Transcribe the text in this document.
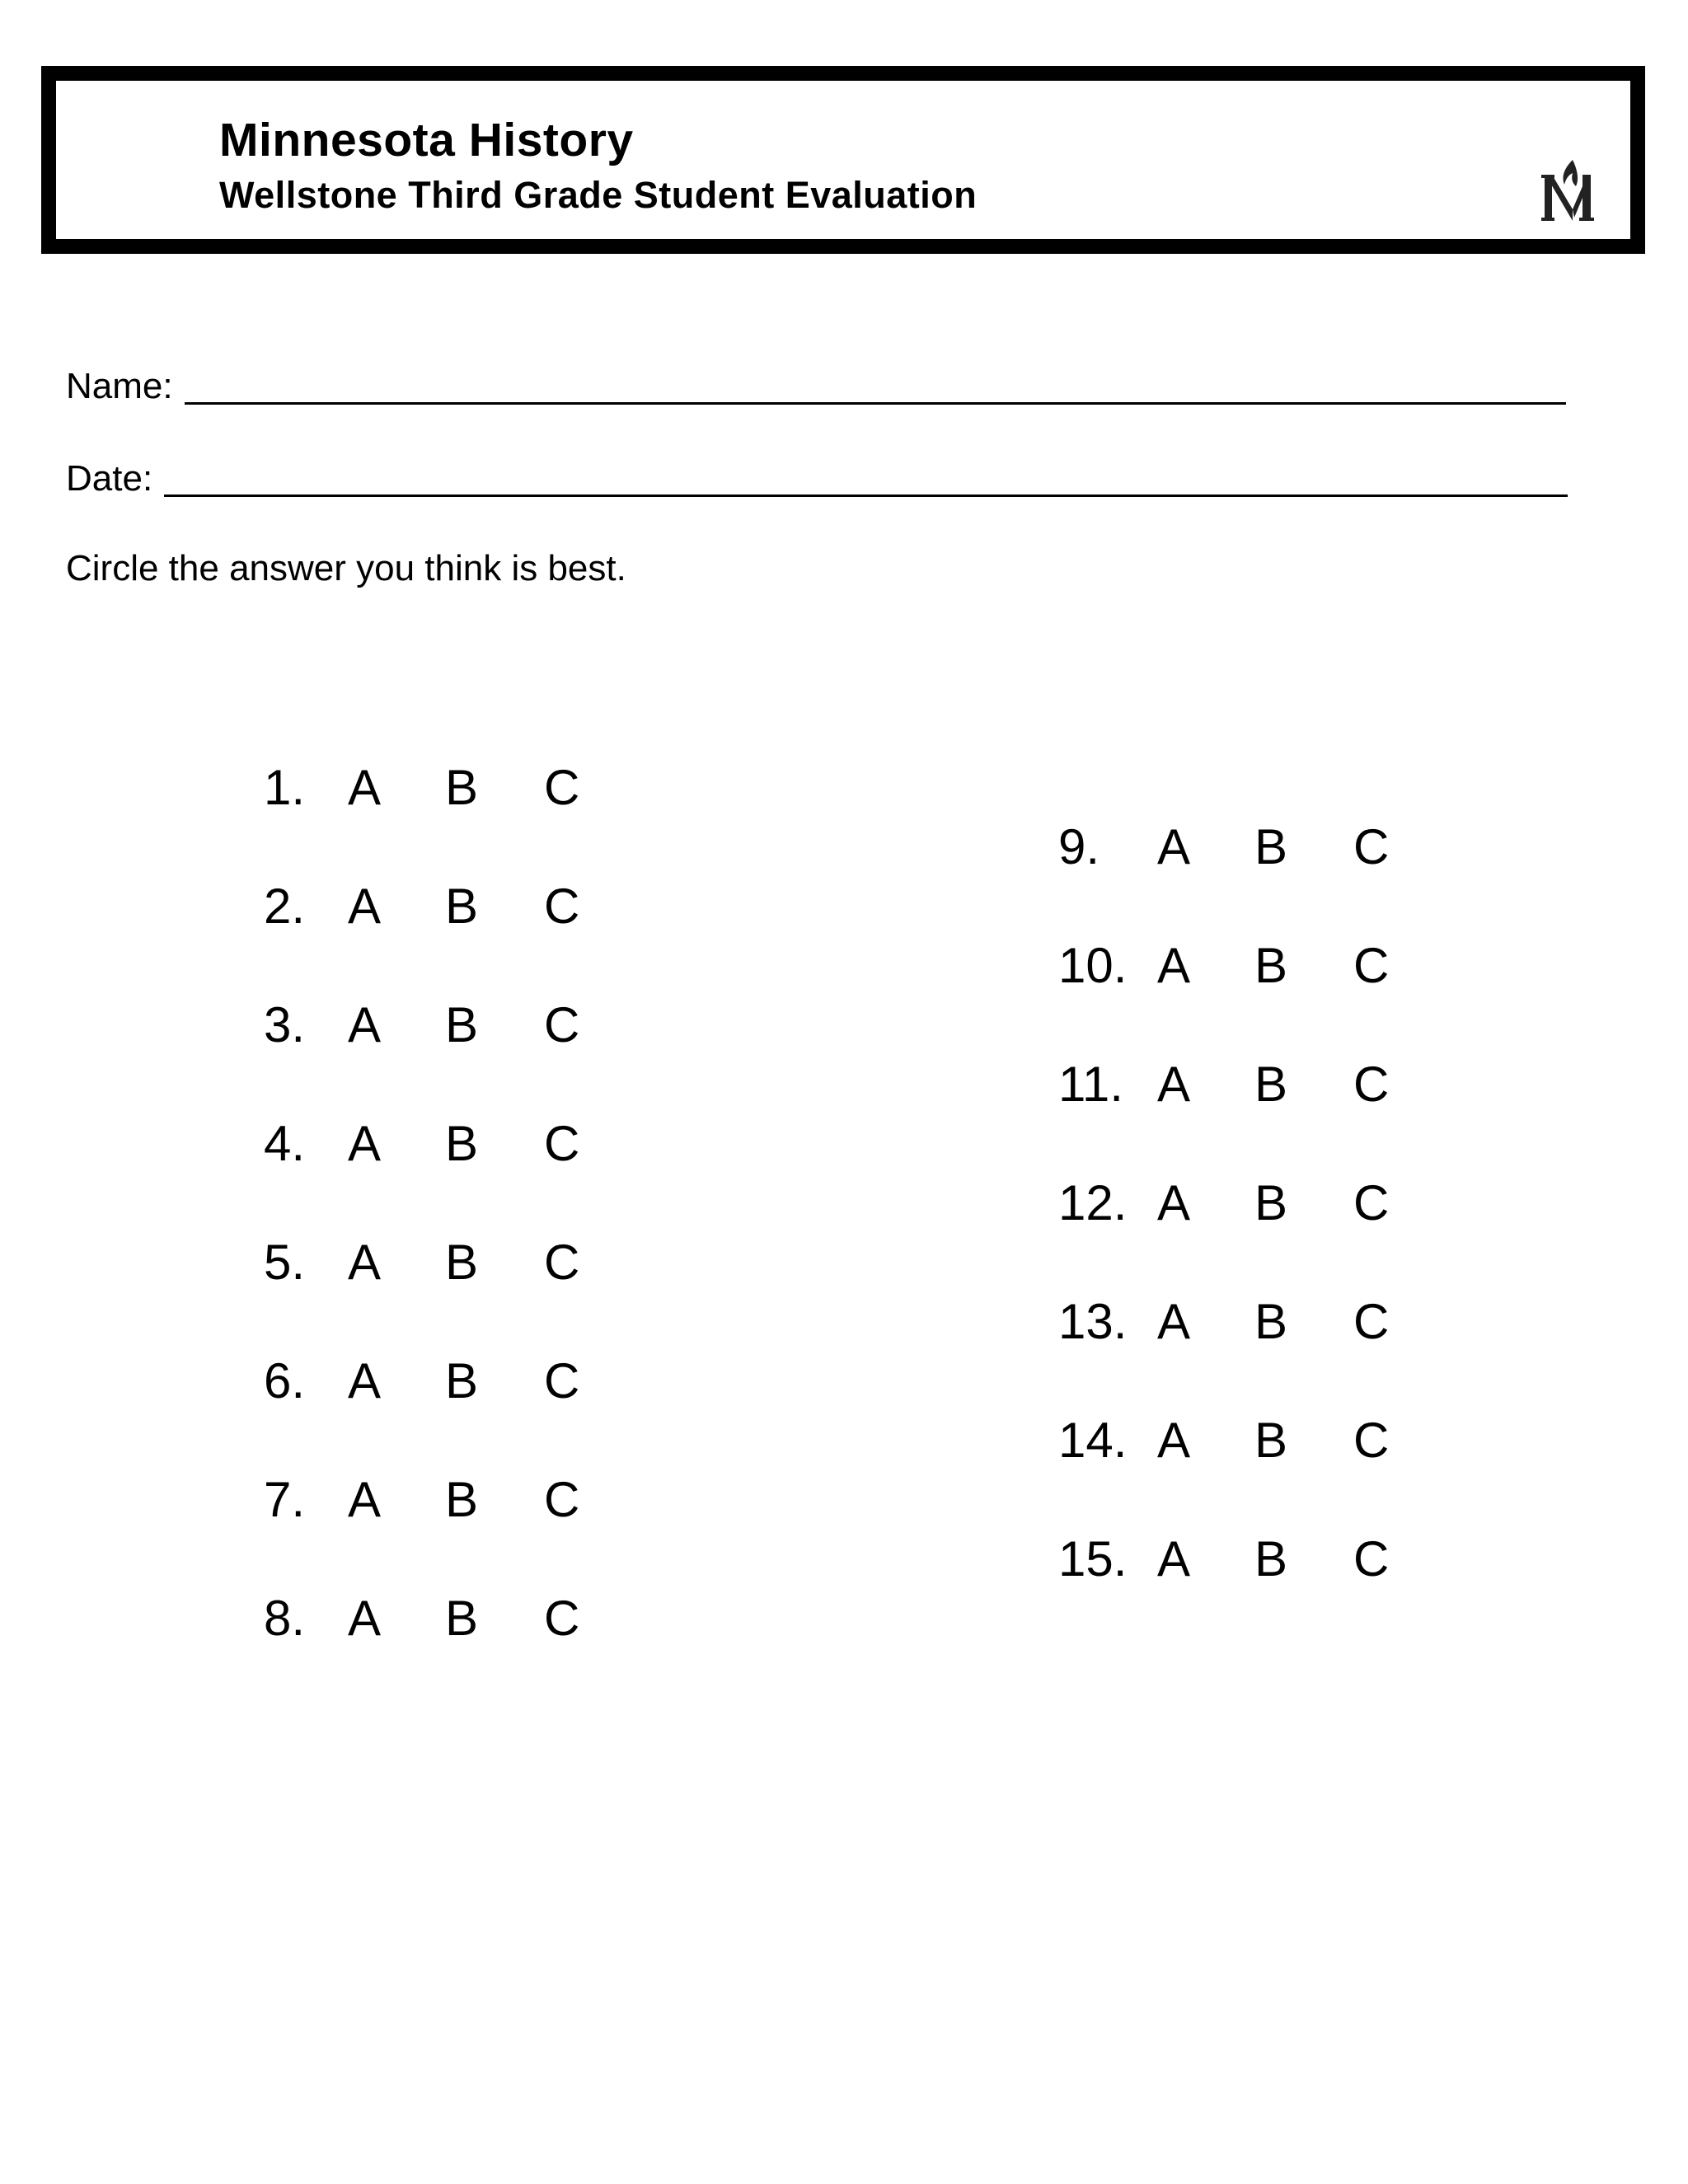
Minnesota History
Wellstone Third Grade Student Evaluation
Name:
Date:
Circle the answer you think is best.
1. A B C
2. A B C
3. A B C
4. A B C
5. A B C
6. A B C
7. A B C
8. A B C
9. A B C
10. A B C
11. A B C
12. A B C
13. A B C
14. A B C
15. A B C
